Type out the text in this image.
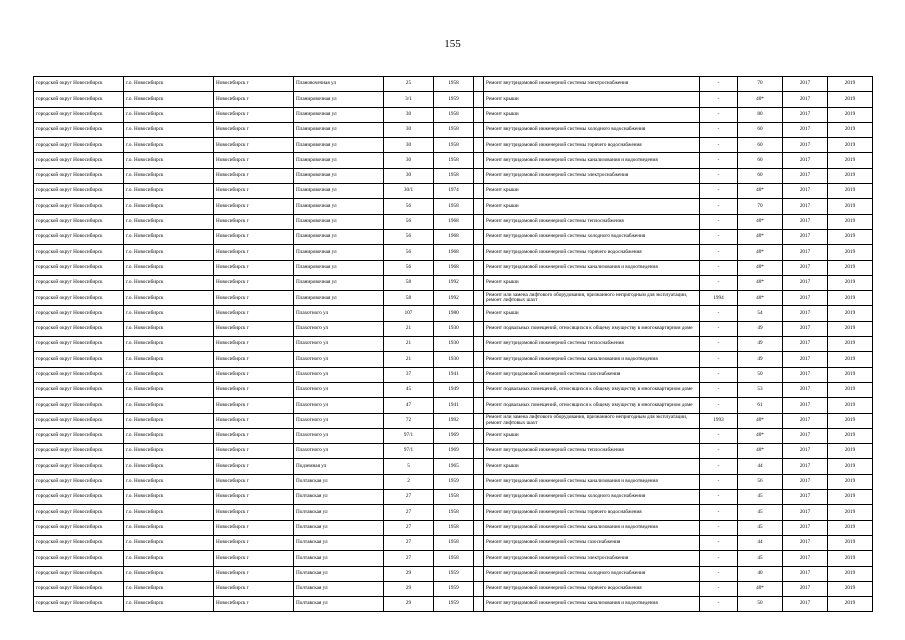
155
городской округ Новосибирск	г.о. Новосибирск	Новосибирск г	Плановочечная ул	25	1958		Ремонт внутридомовой инженерной системы электроснабжения	-	70	2017	2019
городской округ Новосибирск	г.о. Новосибирск	Новосибирск г	Планировочная ул	3/1	1959		Ремонт крыши	-	40*	2017	2019
городской округ Новосибирск	г.о. Новосибирск	Новосибирск г	Планировочная ул	30	1958		Ремонт крыши	-	80	2017	2019
городской округ Новосибирск	г.о. Новосибирск	Новосибирск г	Планировочная ул	30	1958		Ремонт внутридомовой инженерной системы холодного водоснабжения	-	60	2017	2019
городской округ Новосибирск	г.о. Новосибирск	Новосибирск г	Планировочная ул	30	1958		Ремонт внутридомовой инженерной системы горячего водоснабжения	-	60	2017	2019
городской округ Новосибирск	г.о. Новосибирск	Новосибирск г	Планировочная ул	30	1958		Ремонт внутридомовой инженерной системы канализования и водоотведения	-	60	2017	2019
городской округ Новосибирск	г.о. Новосибирск	Новосибирск г	Планировочная ул	30	1958		Ремонт внутридомовой инженерной системы электроснабжения	-	60	2017	2019
городской округ Новосибирск	г.о. Новосибирск	Новосибирск г	Планировочная ул	30/1	1974		Ремонт крыши	-	40*	2017	2019
городской округ Новосибирск	г.о. Новосибирск	Новосибирск г	Планировочная ул	56	1958		Ремонт крыши	-	70	2017	2019
городской округ Новосибирск	г.о. Новосибирск	Новосибирск г	Планировочная ул	56	1968		Ремонт внутридомовой инженерной системы теплоснабжения	-	40*	2017	2019
городской округ Новосибирск	г.о. Новосибирск	Новосибирск г	Планировочная ул	56	1968		Ремонт внутридомовой инженерной системы холодного водоснабжения	-	40*	2017	2019
городской округ Новосибирск	г.о. Новосибирск	Новосибирск г	Планировочная ул	56	1968		Ремонт внутридомовой инженерной системы горячего водоснабжения	-	40*	2017	2019
городской округ Новосибирск	г.о. Новосибирск	Новосибирск г	Планировочная ул	56	1968		Ремонт внутридомовой инженерной системы канализования и водоотведения	-	40*	2017	2019
городской округ Новосибирск	г.о. Новосибирск	Новосибирск г	Планировочная ул	58	1992		Ремонт крыши	-	40*	2017	2019
городской округ Новосибирск	г.о. Новосибирск	Новосибирск г	Планировочная ул	58	1992		Ремонт или замена лифтового оборудования, признанного непригодным для эксплуатации, ремонт лифтовых шахт	1994	40*	2017	2019
городской округ Новосибирск	г.о. Новосибирск	Новосибирск г	Плахотного ул	107	1980		Ремонт крыши	-	54	2017	2019
городской округ Новосибирск	г.о. Новосибирск	Новосибирск г	Плахотного ул	21	1930		Ремонт подвальных помещений, относящихся к общему имуществу в многоквартирном доме	-	49	2017	2019
городской округ Новосибирск	г.о. Новосибирск	Новосибирск г	Плахотного ул	21	1930		Ремонт внутридомовой инженерной системы теплоснабжения	-	49	2017	2019
городской округ Новосибирск	г.о. Новосибирск	Новосибирск г	Плахотного ул	21	1930		Ремонт внутридомовой инженерной системы канализования и водоотведения	-	49	2017	2019
городской округ Новосибирск	г.о. Новосибирск	Новосибирск г	Плахотного ул	37	1941		Ремонт внутридомовой инженерной системы газоснабжения	-	50	2017	2019
городской округ Новосибирск	г.о. Новосибирск	Новосибирск г	Плахотного ул	45	1949		Ремонт подвальных помещений, относящихся к общему имуществу в многоквартирном доме	-	53	2017	2019
городской округ Новосибирск	г.о. Новосибирск	Новосибирск г	Плахотного ул	47	1941		Ремонт подвальных помещений, относящихся к общему имуществу в многоквартирном доме	-	61	2017	2019
городской округ Новосибирск	г.о. Новосибирск	Новосибирск г	Плахотного ул	72	1992		Ремонт или замена лифтового оборудования, признанного непригодным для эксплуатации, ремонт лифтовых шахт	1993	40*	2017	2019
городской округ Новосибирск	г.о. Новосибирск	Новосибирск г	Плахотного ул	97/1	1969		Ремонт крыши	-	40*	2017	2019
городской округ Новосибирск	г.о. Новосибирск	Новосибирск г	Плахотного ул	97/1	1969		Ремонт внутридомовой инженерной системы теплоснабжения	-	40*	2017	2019
городской округ Новосибирск	г.о. Новосибирск	Новосибирск г	Подземная ул	5	1965		Ремонт крыши	-	44	2017	2019
городской округ Новосибирск	г.о. Новосибирск	Новосибирск г	Полтавская ул	2	1959		Ремонт внутридомовой инженерной системы канализования и водоотведения	-	56	2017	2019
городской округ Новосибирск	г.о. Новосибирск	Новосибирск г	Полтавская ул	27	1958		Ремонт внутридомовой инженерной системы холодного водоснабжения	-	45	2017	2019
городской округ Новосибирск	г.о. Новосибирск	Новосибирск г	Полтавская ул	27	1958		Ремонт внутридомовой инженерной системы горячего водоснабжения	-	45	2017	2019
городской округ Новосибирск	г.о. Новосибирск	Новосибирск г	Полтавская ул	27	1958		Ремонт внутридомовой инженерной системы канализования и водоотведения	-	45	2017	2019
городской округ Новосибирск	г.о. Новосибирск	Новосибирск г	Полтавская ул	27	1958		Ремонт внутридомовой инженерной системы газоснабжения	-	44	2017	2019
городской округ Новосибирск	г.о. Новосибирск	Новосибирск г	Полтавская ул	27	1958		Ремонт внутридомовой инженерной системы электроснабжения	-	45	2017	2019
городской округ Новосибирск	г.о. Новосибирск	Новосибирск г	Полтавская ул	29	1959		Ремонт внутридомовой инженерной системы холодного водоснабжения	-	40	2017	2019
городской округ Новосибирск	г.о. Новосибирск	Новосибирск г	Полтавская ул	29	1959		Ремонт внутридомовой инженерной системы горячего водоснабжения	-	40*	2017	2019
городской округ Новосибирск	г.о. Новосибирск	Новосибирск г	Полтавская ул	29	1959		Ремонт внутридомовой инженерной системы канализования и водоотведения	-	50	2017	2019
